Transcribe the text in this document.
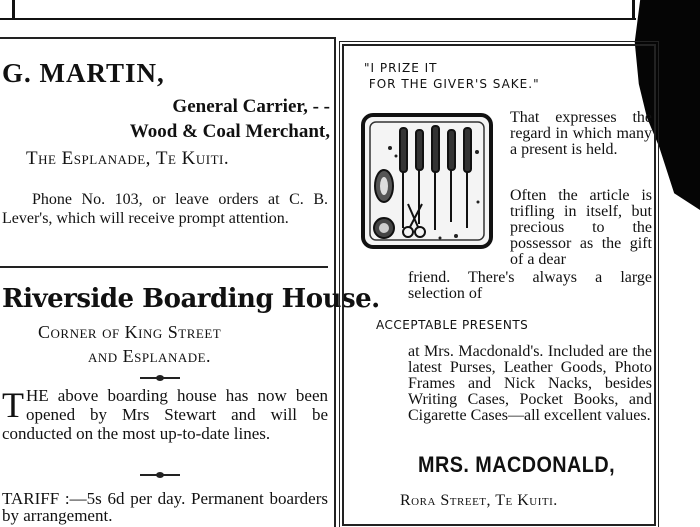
G. MARTIN,
General Carrier, - -
Wood & Coal Merchant,
The Esplanade, Te Kuiti.
Phone No. 103, or leave orders at C. B. Lever's, which will receive prompt attention.
Riverside Boarding House.
Corner of King Street
and Esplanade.
THE above boarding house has now been opened by Mrs Stewart and will be conducted on the most up-to-date lines.
TARIFF :—5s 6d per day. Permanent boarders by arrangement.
"I PRIZE IT
FOR THE GIVER'S SAKE."
That expresses the regard in which many a present is held.
Often the article is trifling in itself, but precious to the possessor as the gift of a dear
friend. There's always a large selection of
ACCEPTABLE PRESENTS
at Mrs. Macdonald's. Included are the latest Purses, Leather Goods, Photo Frames and Nick Nacks, besides Writing Cases, Pocket Books, and Cigarette Cases—all excellent values.
MRS. MACDONALD,
Rora Street, Te Kuiti.
